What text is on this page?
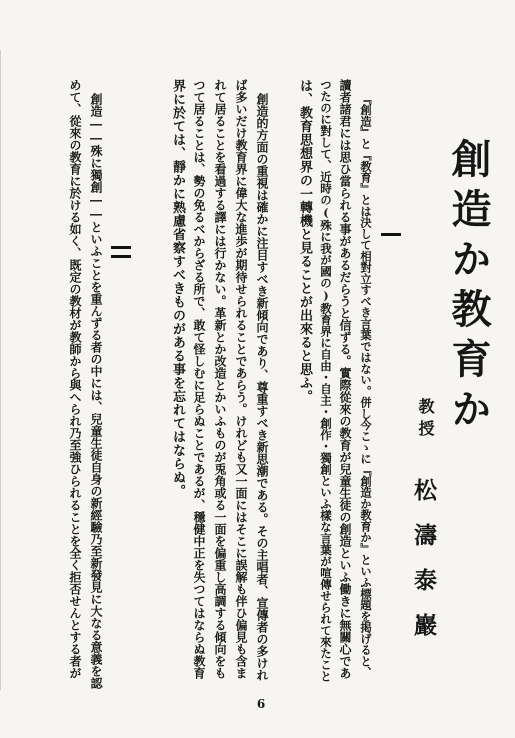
創造か教育か
教授
松濤泰巖
『創造』と『教育』とは決して相對立すべき言葉ではない。併し今こゝに『創造か教育か』といふ標題を掲げると、
讀者諸君には思ひ當られる事があるだらうと信ずる。實際從來の教育が兒童生徒の創造といふ働きに無關心であ
つたのに對して、近時の(殊に我が國の)教育界に自由・自主・創作・獨創といふ樣な言葉が喧傳せられて來たこと
は、教育思想界の一轉機と見ることが出來ると思ふ。
創造的方面の重視は確かに注目すべき新傾向であり、尊重すべき新思潮である。その主唱者、宣傳者の多けれ
ば多いだけ教育界に偉大な進歩が期待せられることであらう。けれども又一面にはそこに誤解も伴ひ偏見も含ま
れて居ることを看過する譯には行かない。革新とか改造とかいふものが兎角或る一面を偏重し高調する傾向をも
つて居ることは、勢の免るべからざる所で、敢て怪しむに足らぬことであるが、穩健中正を失つてはならぬ教育
界に於ては、靜かに熟慮省察すべきものがある事を忘れてはならぬ。
創造――殊に獨創――といふことを重んずる者の中には、兒童生徒自身の新經驗乃至新發見に大なる意義を認
めて、從來の教育に於ける如く、既定の教材が教師から與へられ乃至強ひられることを全く拒否せんとする者が
6
